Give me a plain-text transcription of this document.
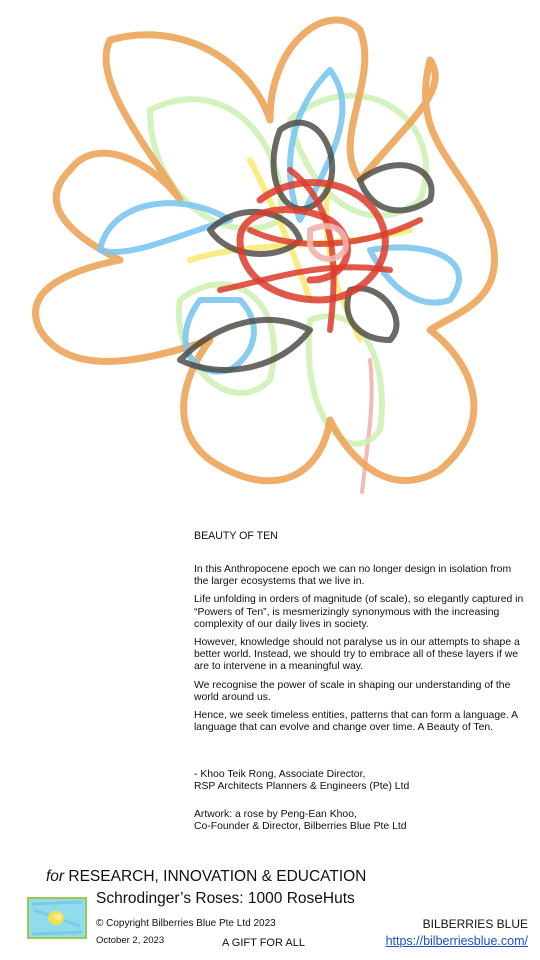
BEAUTY OF TEN

In this Anthropocene epoch we can no longer design in isolation from the larger ecosystems that we live in.

Life unfolding in orders of magnitude (of scale), so elegantly captured in “Powers of Ten”, is mesmerizingly synonymous with the increasing complexity of our daily lives in society.

However, knowledge should not paralyse us in our attempts to shape a better world. Instead, we should try to embrace all of these layers if we are to intervene in a meaningful way.

We recognise the power of scale in shaping our understanding of the world around us.

Hence, we seek timeless entities, patterns that can form a language. A language that can evolve and change over time. A Beauty of Ten.

- Khoo Teik Rong, Associate Director,
RSP Architects Planners & Engineers (Pte) Ltd
Artwork: a rose by Peng-Ean Khoo,
Co-Founder & Director, Bilberries Blue Pte Ltd
for RESEARCH, INNOVATION & EDUCATION
Schrodinger’s Roses: 1000 RoseHuts
© Copyright Bilberries Blue Pte Ltd 2023
October 2, 2023	A GIFT FOR ALL
BILBERRIES BLUE
https://bilberriesblue.com/
